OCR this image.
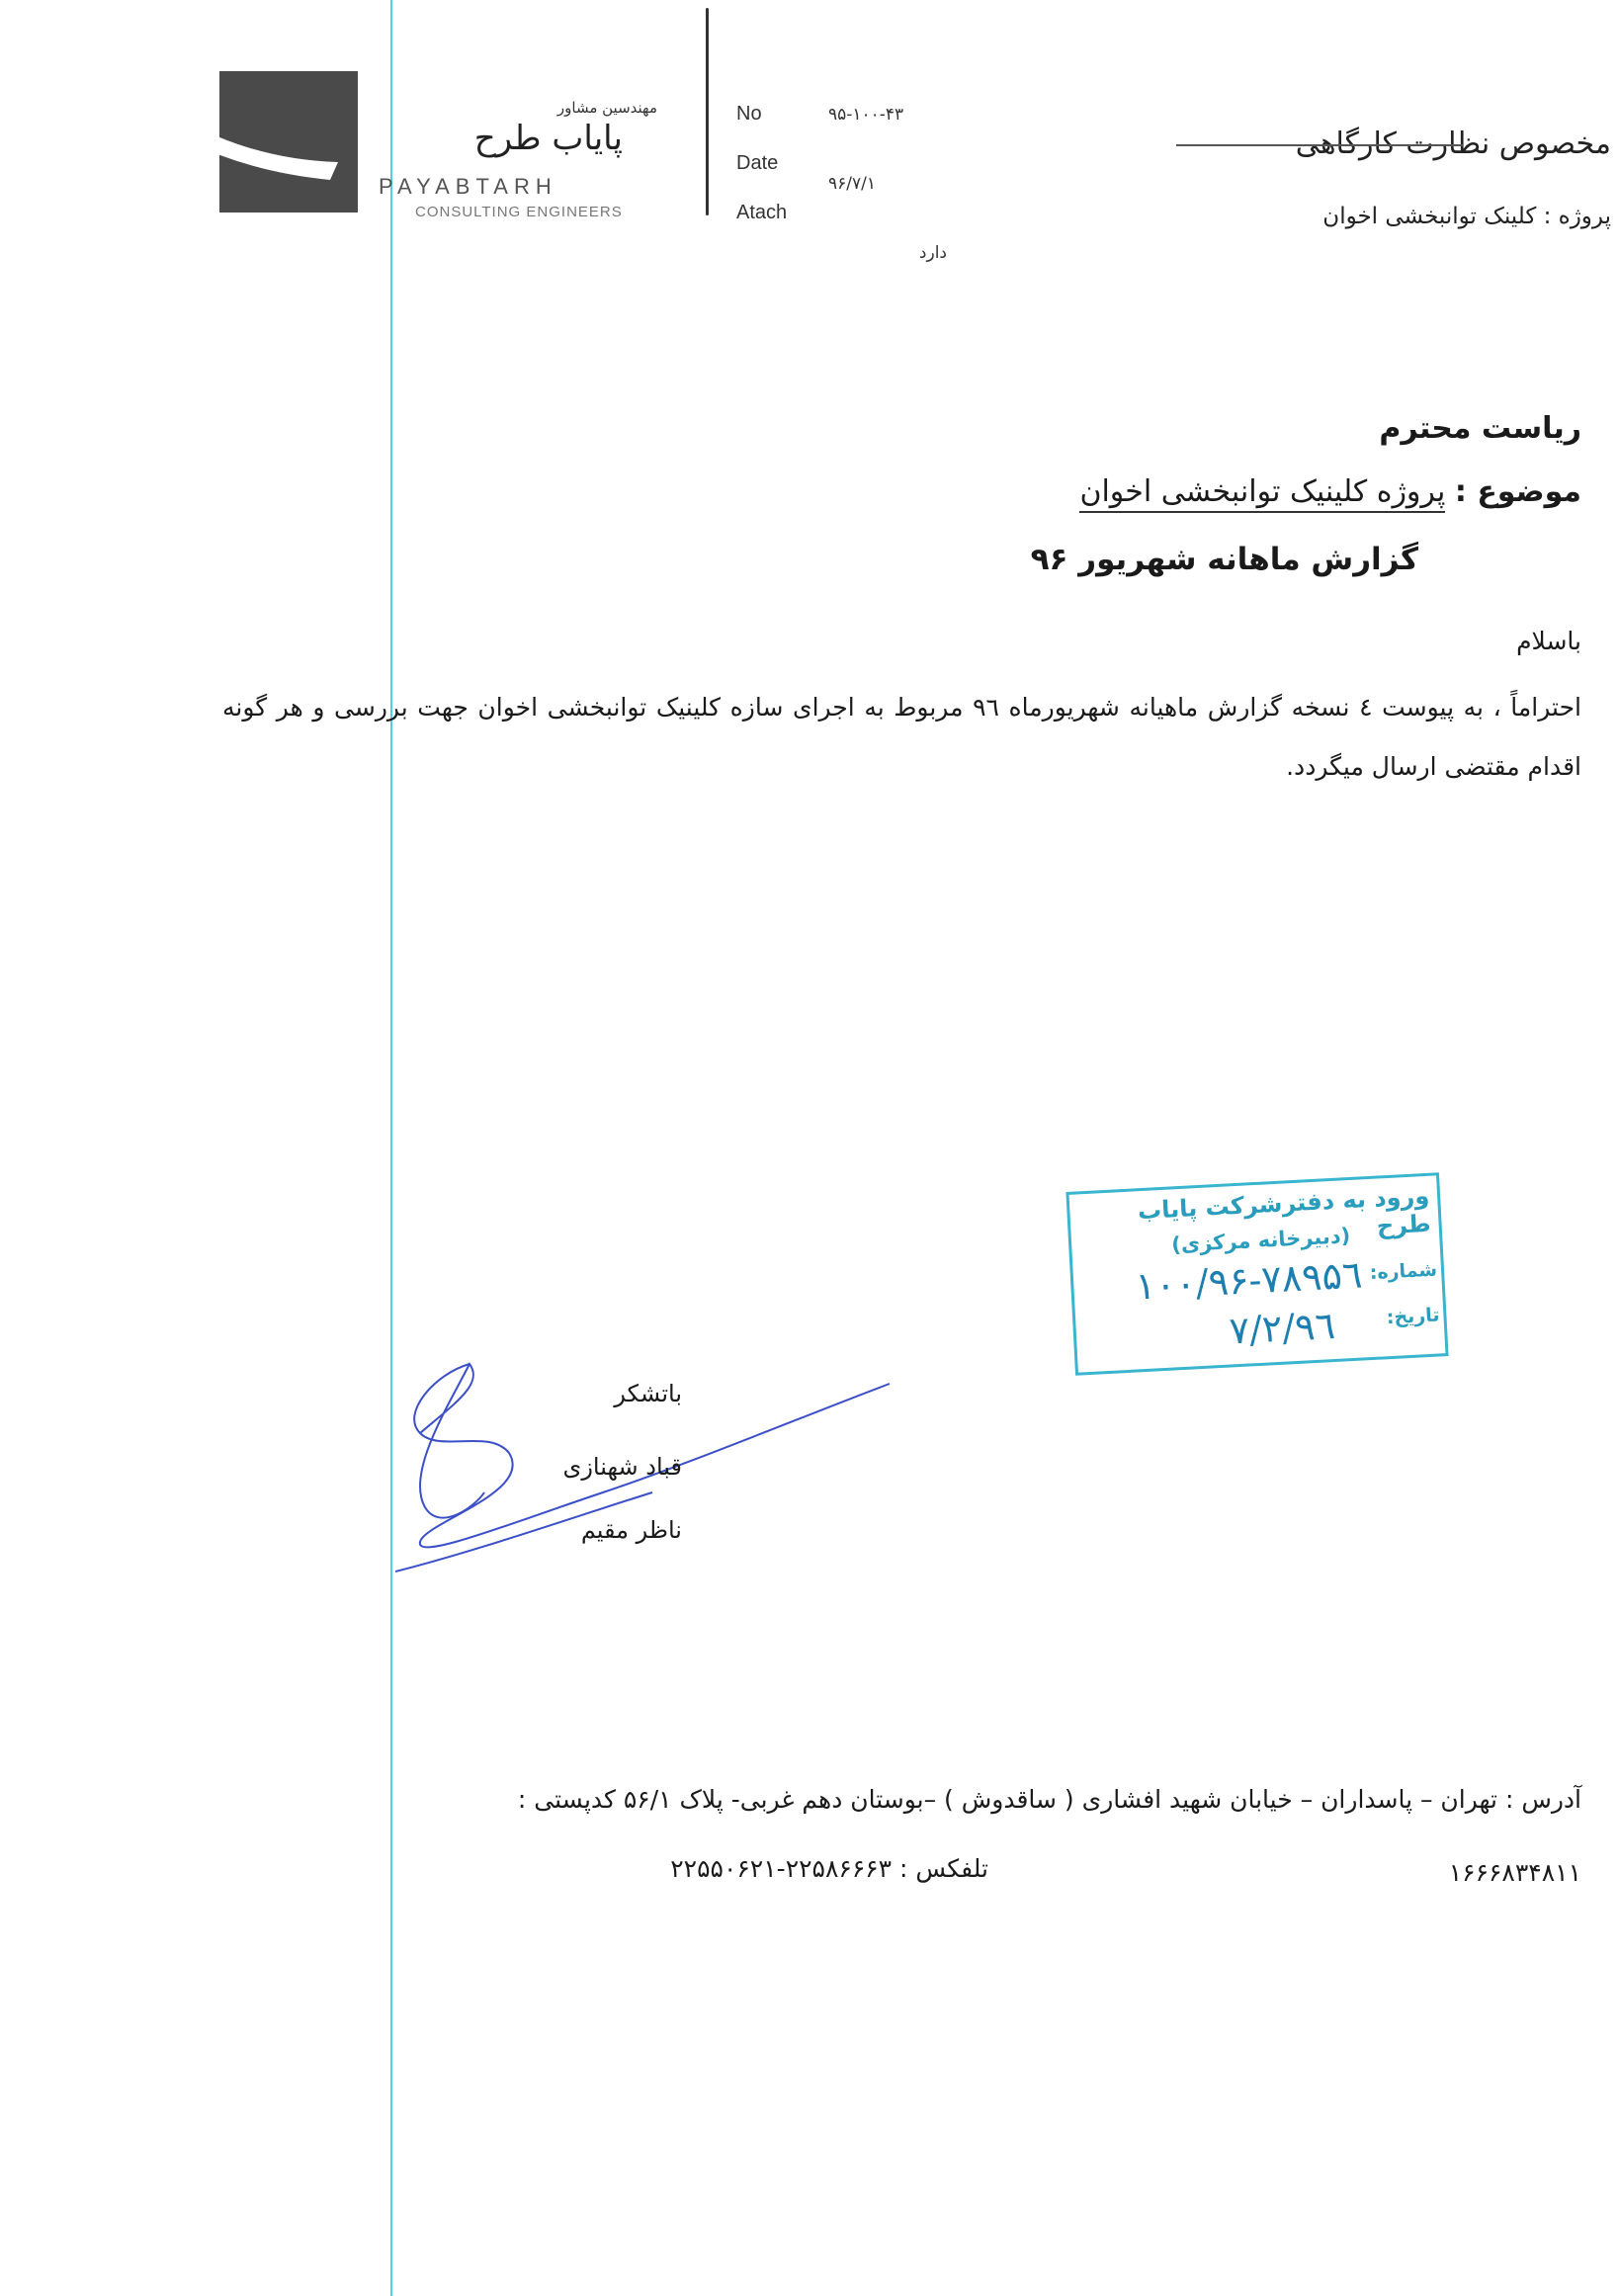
مهندسین مشاور
پایاب طرح
PAYABTARH
CONSULTING ENGINEERS
No
Date
Atach
۹۵-۱۰۰-۴۳
۹۶/۷/۱
دارد
مخصوص نظارت کارگاهی
پروژه : کلینک توانبخشی اخوان
ریاست محترم
موضوع : پروژه کلینیک توانبخشی اخوان
گزارش ماهانه شهریور ۹۶
باسلام
احتراماً ، به پیوست ٤ نسخه گزارش ماهیانه شهریورماه ۹٦ مربوط به اجرای سازه کلینیک توانبخشی اخوان جهت بررسی و هر گونه اقدام مقتضی ارسال میگردد.
ورود به دفترشرکت پایاب طرح
(دبیرخانه مرکزی)
شماره:
۱۰۰/۹۶-۷۸۹۵٦
تاریخ:
۹٦/۷/۲
باتشکر
قباد شهنازی
ناظر مقیم
آدرس : تهران – پاسداران – خیابان شهید افشاری ( ساقدوش ) –بوستان دهم غربی- پلاک ۵۶/۱ کدپستی :
تلفکس : ۲۲۵۸۶۶۶۳-۲۲۵۵۰۶۲۱	۱۶۶۶۸۳۴۸۱۱
